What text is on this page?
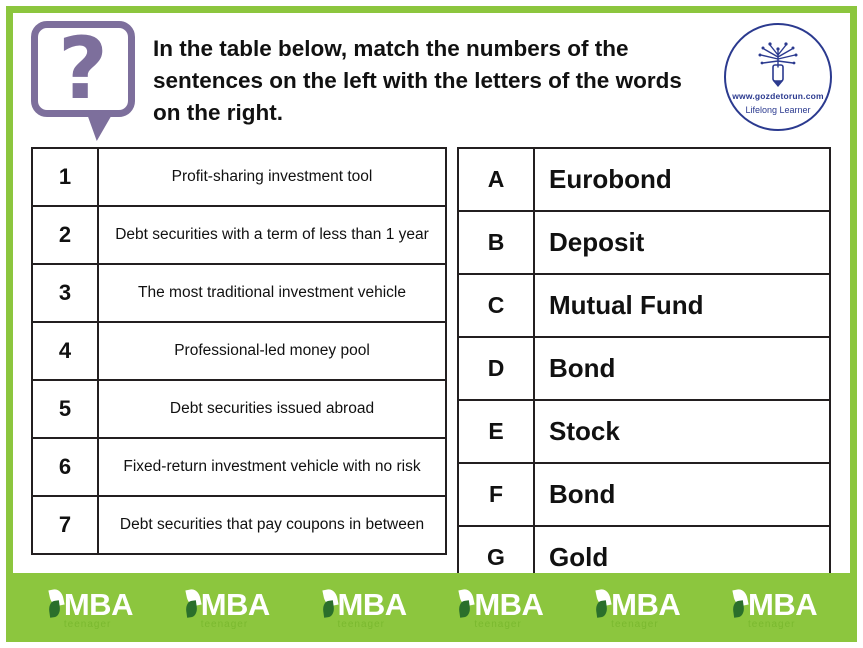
?	In the table below, match the numbers of the sentences on the left with the letters of the words on the right.
www.gozdetorun.com
Lifelong Learner
1	Profit-sharing investment tool
2	Debt securities with a term of less than 1 year
3	The most traditional investment vehicle
4	Professional-led money pool
5	Debt securities issued abroad
6	Fixed-return investment vehicle with no risk
7	Debt securities that pay coupons in between
A	Eurobond
B	Deposit
C	Mutual Fund
D	Bond
E	Stock
F	Bond
G	Gold
MBA
teenager
MBA
teenager
MBA
teenager
MBA
teenager
MBA
teenager
MBA
teenager
